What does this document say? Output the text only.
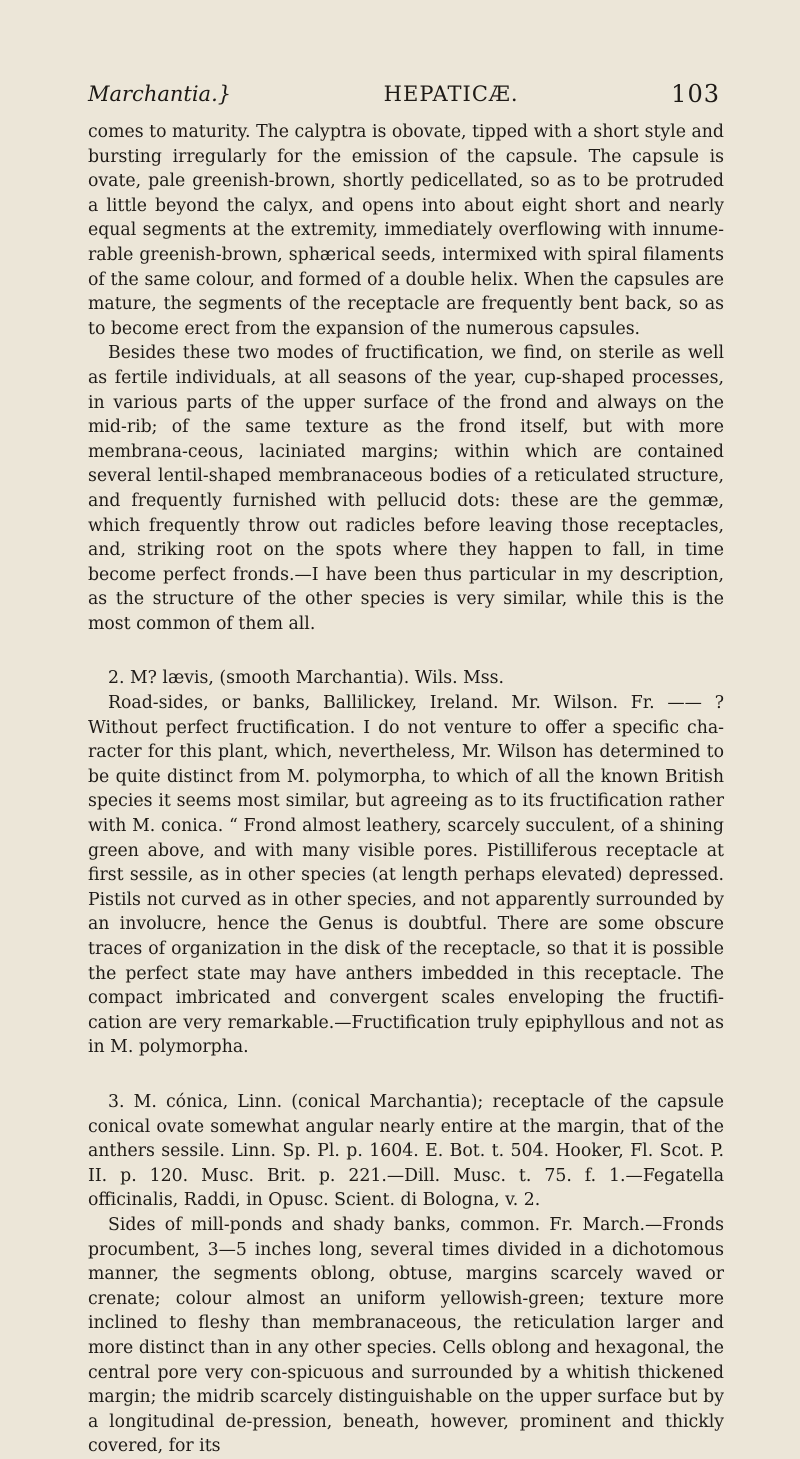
Marchantia.}	HEPATICÆ.	103

comes to maturity. The calyptra is obovate, tipped with a short style and bursting irregularly for the emission of the capsule. The capsule is ovate, pale greenish-brown, shortly pedicellated, so as to be protruded a little beyond the calyx, and opens into about eight short and nearly equal segments at the extremity, immediately overflowing with innume-rable greenish-brown, sphærical seeds, intermixed with spiral filaments of the same colour, and formed of a double helix. When the capsules are mature, the segments of the receptacle are frequently bent back, so as to become erect from the expansion of the numerous capsules.

Besides these two modes of fructification, we find, on sterile as well as fertile individuals, at all seasons of the year, cup-shaped processes, in various parts of the upper surface of the frond and always on the mid-rib; of the same texture as the frond itself, but with more membrana-ceous, laciniated margins; within which are contained several lentil-shaped membranaceous bodies of a reticulated structure, and frequently furnished with pellucid dots: these are the gemmæ, which frequently throw out radicles before leaving those receptacles, and, striking root on the spots where they happen to fall, in time become perfect fronds.—I have been thus particular in my description, as the structure of the other species is very similar, while this is the most common of them all.

2. M? lævis, (smooth Marchantia). Wils. Mss.

Road-sides, or banks, Ballilickey, Ireland. Mr. Wilson. Fr. —— ? Without perfect fructification. I do not venture to offer a specific cha-racter for this plant, which, nevertheless, Mr. Wilson has determined to be quite distinct from M. polymorpha, to which of all the known British species it seems most similar, but agreeing as to its fructification rather with M. conica. “ Frond almost leathery, scarcely succulent, of a shining green above, and with many visible pores. Pistilliferous receptacle at first sessile, as in other species (at length perhaps elevated) depressed. Pistils not curved as in other species, and not apparently surrounded by an involucre, hence the Genus is doubtful. There are some obscure traces of organization in the disk of the receptacle, so that it is possible the perfect state may have anthers imbedded in this receptacle. The compact imbricated and convergent scales enveloping the fructifi-cation are very remarkable.—Fructification truly epiphyllous and not as in M. polymorpha.

3. M. cónica, Linn. (conical Marchantia); receptacle of the capsule conical ovate somewhat angular nearly entire at the margin, that of the anthers sessile. Linn. Sp. Pl. p. 1604. E. Bot. t. 504. Hooker, Fl. Scot. P. II. p. 120. Musc. Brit. p. 221.—Dill. Musc. t. 75. f. 1.—Fegatella officinalis, Raddi, in Opusc. Scient. di Bologna, v. 2.

Sides of mill-ponds and shady banks, common. Fr. March.—Fronds procumbent, 3—5 inches long, several times divided in a dichotomous manner, the segments oblong, obtuse, margins scarcely waved or crenate; colour almost an uniform yellowish-green; texture more inclined to fleshy than membranaceous, the reticulation larger and more distinct than in any other species. Cells oblong and hexagonal, the central pore very con-spicuous and surrounded by a whitish thickened margin; the midrib scarcely distinguishable on the upper surface but by a longitudinal de-pression, beneath, however, prominent and thickly covered, for its
